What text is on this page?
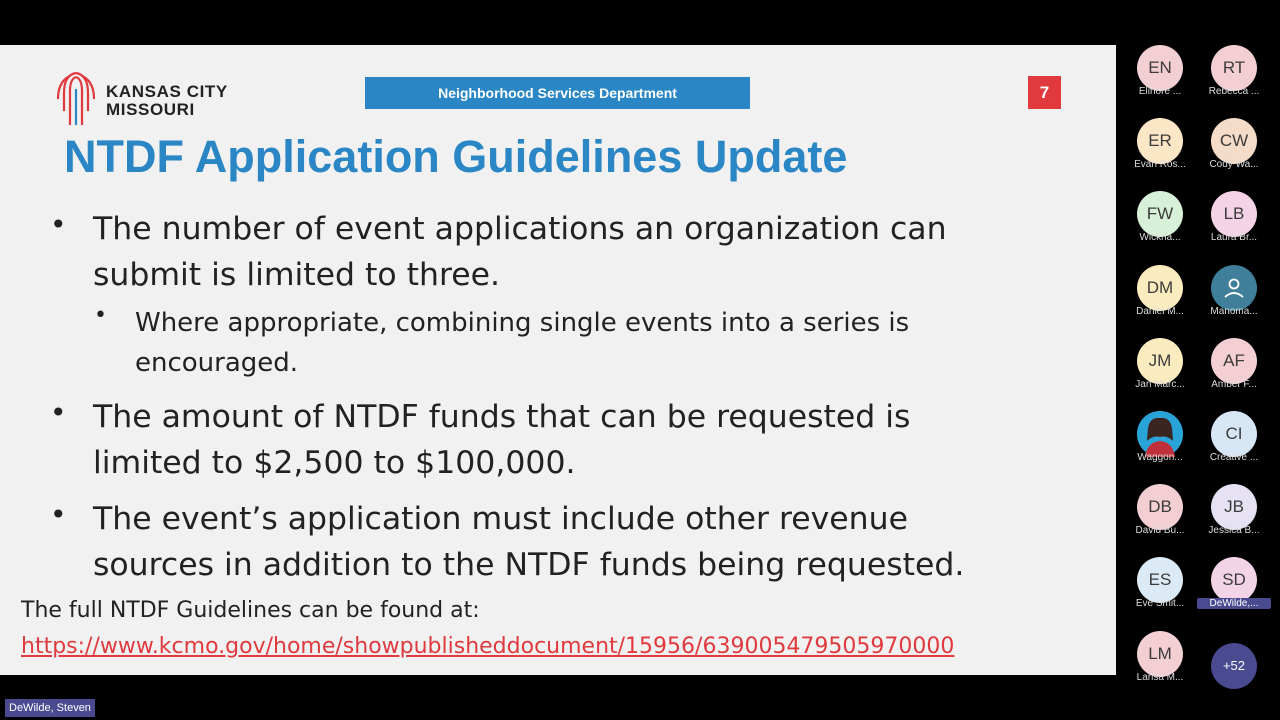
KANSAS CITY
MISSOURI
Neighborhood Services Department	7
NTDF Application Guidelines Update
• The number of event applications an organization can
submit is limited to three.
• Where appropriate, combining single events into a series is
encouraged.
• The amount of NTDF funds that can be requested is
limited to $2,500 to $100,000.
• The event’s application must include other revenue
sources in addition to the NTDF funds being requested.
The full NTDF Guidelines can be found at:
https://www.kcmo.gov/home/showpublisheddocument/15956/639005479505970000
DeWilde, Steven
EN
Elinore ...
RT
Rebecca ...
ER
Evan Ros...
CW
Cody Wa...
FW
Wickha...
LB
Laura Br...
DM
Daniel M...	Manoma...
JM
Jan Marc...
AF
Amber F...
Waggon...
CI
Creative ...
DB
David Bu...
JB
Jessica B...
ES
Eve Smit...
SD
DeWilde,...
LM
Larisa M...
+52
